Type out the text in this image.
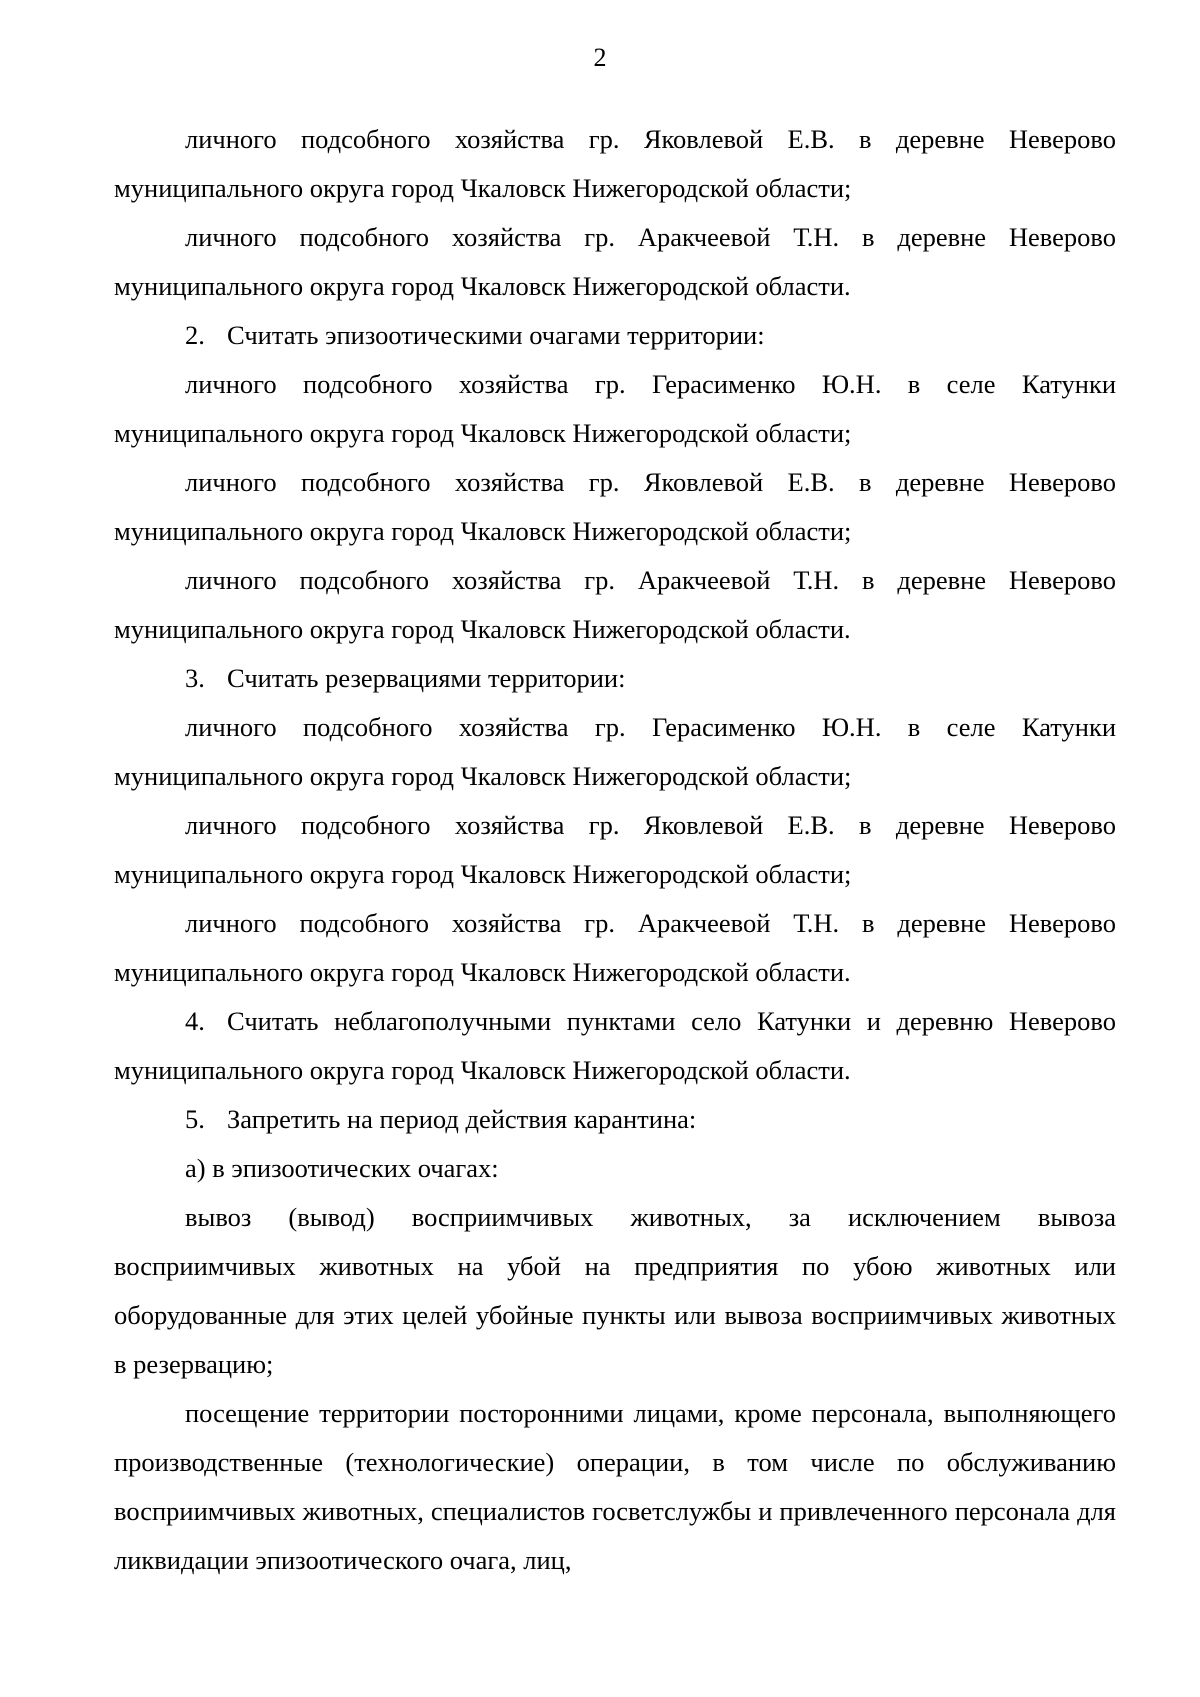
2

личного подсобного хозяйства гр. Яковлевой Е.В. в деревне Неверово муниципального округа город Чкаловск Нижегородской области;

личного подсобного хозяйства гр. Аракчеевой Т.Н. в деревне Неверово муниципального округа город Чкаловск Нижегородской области.

2. Считать эпизоотическими очагами территории:

личного подсобного хозяйства гр. Герасименко Ю.Н. в селе Катунки муниципального округа город Чкаловск Нижегородской области;

личного подсобного хозяйства гр. Яковлевой Е.В. в деревне Неверово муниципального округа город Чкаловск Нижегородской области;

личного подсобного хозяйства гр. Аракчеевой Т.Н. в деревне Неверово муниципального округа город Чкаловск Нижегородской области.

3. Считать резервациями территории:

личного подсобного хозяйства гр. Герасименко Ю.Н. в селе Катунки муниципального округа город Чкаловск Нижегородской области;

личного подсобного хозяйства гр. Яковлевой Е.В. в деревне Неверово муниципального округа город Чкаловск Нижегородской области;

личного подсобного хозяйства гр. Аракчеевой Т.Н. в деревне Неверово муниципального округа город Чкаловск Нижегородской области.

4. Считать неблагополучными пунктами село Катунки и деревню Неверово муниципального округа город Чкаловск Нижегородской области.

5. Запретить на период действия карантина:

а) в эпизоотических очагах:

вывоз (вывод) восприимчивых животных, за исключением вывоза восприимчивых животных на убой на предприятия по убою животных или оборудованные для этих целей убойные пункты или вывоза восприимчивых животных в резервацию;

посещение территории посторонними лицами, кроме персонала, выполняющего производственные (технологические) операции, в том числе по обслуживанию восприимчивых животных, специалистов госветслужбы и привлеченного персонала для ликвидации эпизоотического очага, лиц,
